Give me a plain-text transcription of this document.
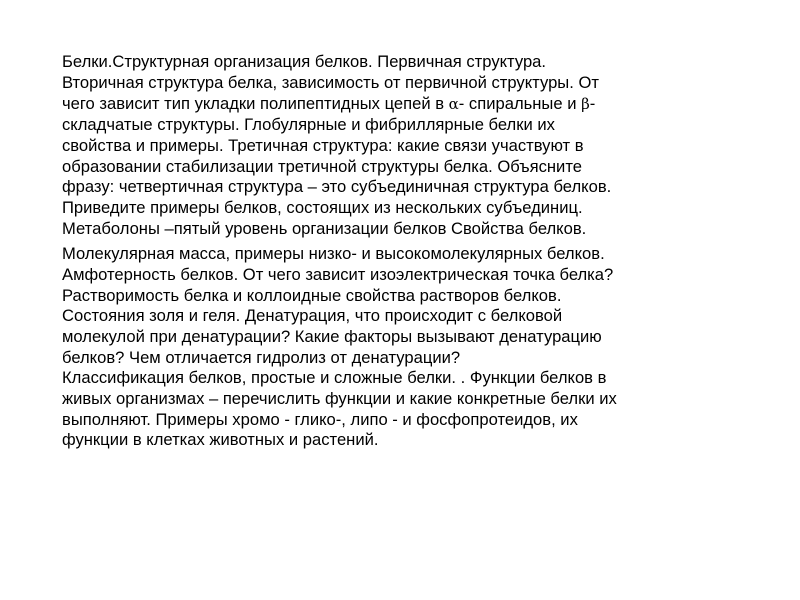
Белки.Структурная организация белков. Первичная структура.
Вторичная структура белка, зависимость от первичной структуры. От
чего зависит тип укладки полипептидных цепей в α- спиральные и β-
складчатые структуры. Глобулярные и фибриллярные белки их
свойства и примеры. Третичная структура: какие связи участвуют в
образовании стабилизации третичной структуры белка. Объясните
фразу: четвертичная структура – это субъединичная структура белков.
Приведите примеры белков, состоящих из нескольких субъединиц.
Метаболоны –пятый уровень организации белков Свойства белков.
Молекулярная масса, примеры низко- и высокомолекулярных белков.
Амфотерность белков. От чего зависит изоэлектрическая точка белка?
Растворимость белка и коллоидные свойства растворов белков.
Состояния золя и геля. Денатурация, что происходит с белковой
молекулой при денатурации? Какие факторы вызывают денатурацию
белков? Чем отличается гидролиз от денатурации?
Классификация белков, простые и сложные белки. . Функции белков в
живых организмах – перечислить функции и какие конкретные белки их
выполняют. Примеры хромо - глико-, липо - и фосфопротеидов, их
функции в клетках животных и растений.
